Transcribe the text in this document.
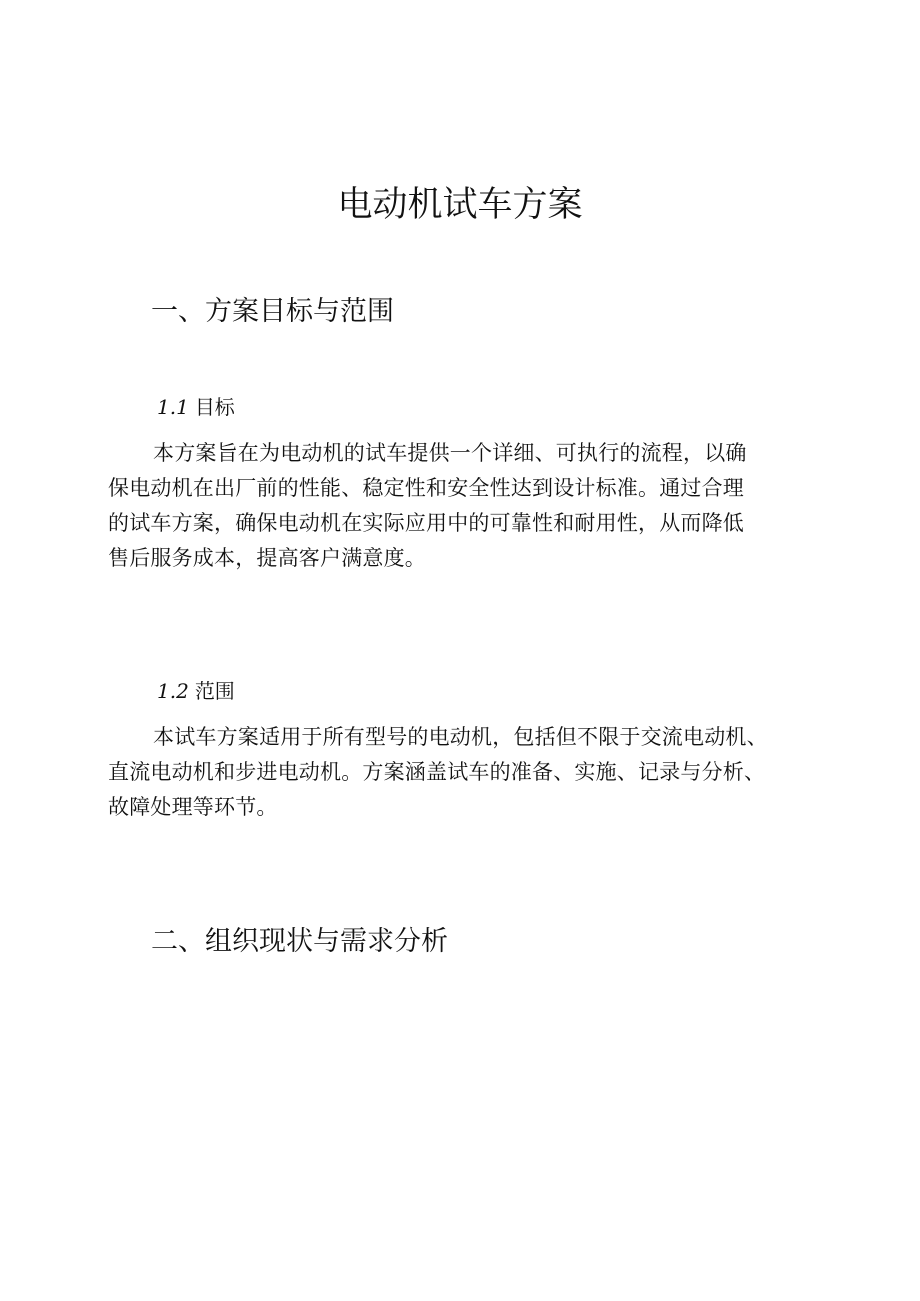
电动机试车方案
一、方案目标与范围
1.1 目标
本方案旨在为电动机的试车提供一个详细、可执行的流程，以确
保电动机在出厂前的性能、稳定性和安全性达到设计标准。通过合理
的试车方案，确保电动机在实际应用中的可靠性和耐用性，从而降低
售后服务成本，提高客户满意度。
1.2 范围
本试车方案适用于所有型号的电动机，包括但不限于交流电动机、
直流电动机和步进电动机。方案涵盖试车的准备、实施、记录与分析、
故障处理等环节。
二、组织现状与需求分析
